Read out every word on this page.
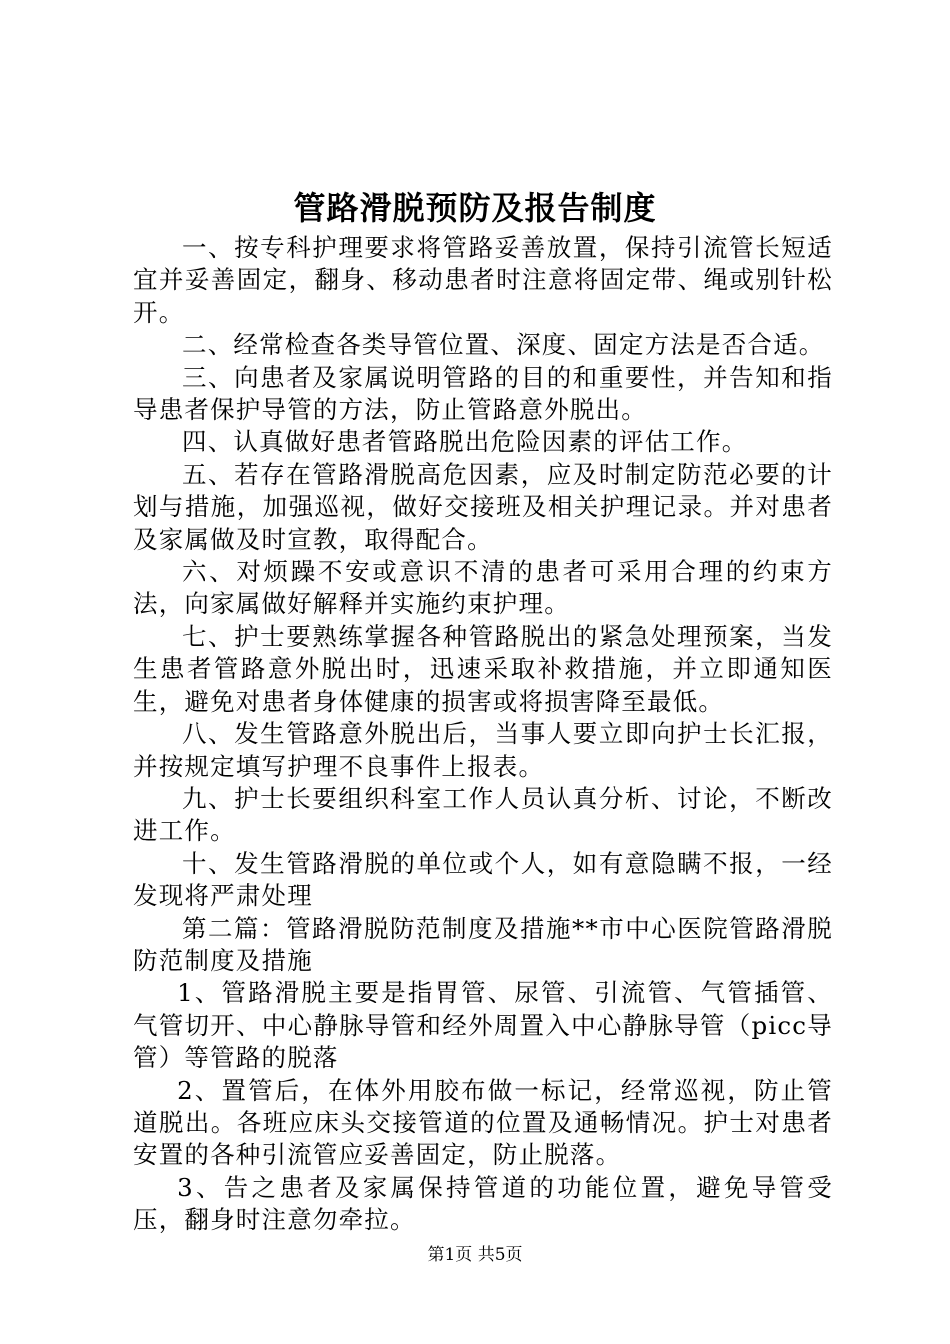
管路滑脱预防及报告制度

一、按专科护理要求将管路妥善放置，保持引流管长短适宜并妥善固定，翻身、移动患者时注意将固定带、绳或别针松开。

二、经常检查各类导管位置、深度、固定方法是否合适。

三、向患者及家属说明管路的目的和重要性，并告知和指导患者保护导管的方法，防止管路意外脱出。

四、认真做好患者管路脱出危险因素的评估工作。

五、若存在管路滑脱高危因素，应及时制定防范必要的计划与措施，加强巡视，做好交接班及相关护理记录。并对患者及家属做及时宣教，取得配合。

六、对烦躁不安或意识不清的患者可采用合理的约束方法，向家属做好解释并实施约束护理。

七、护士要熟练掌握各种管路脱出的紧急处理预案，当发生患者管路意外脱出时，迅速采取补救措施，并立即通知医生，避免对患者身体健康的损害或将损害降至最低。

八、发生管路意外脱出后，当事人要立即向护士长汇报，并按规定填写护理不良事件上报表。

九、护士长要组织科室工作人员认真分析、讨论，不断改进工作。

十、发生管路滑脱的单位或个人，如有意隐瞒不报，一经发现将严肃处理

第二篇：管路滑脱防范制度及措施**市中心医院管路滑脱防范制度及措施

1、管路滑脱主要是指胃管、尿管、引流管、气管插管、气管切开、中心静脉导管和经外周置入中心静脉导管（picc导管）等管路的脱落

2、置管后，在体外用胶布做一标记，经常巡视，防止管道脱出。各班应床头交接管道的位置及通畅情况。护士对患者安置的各种引流管应妥善固定，防止脱落。

3、告之患者及家属保持管道的功能位置，避免导管受压，翻身时注意勿牵拉。

第1页 共5页
